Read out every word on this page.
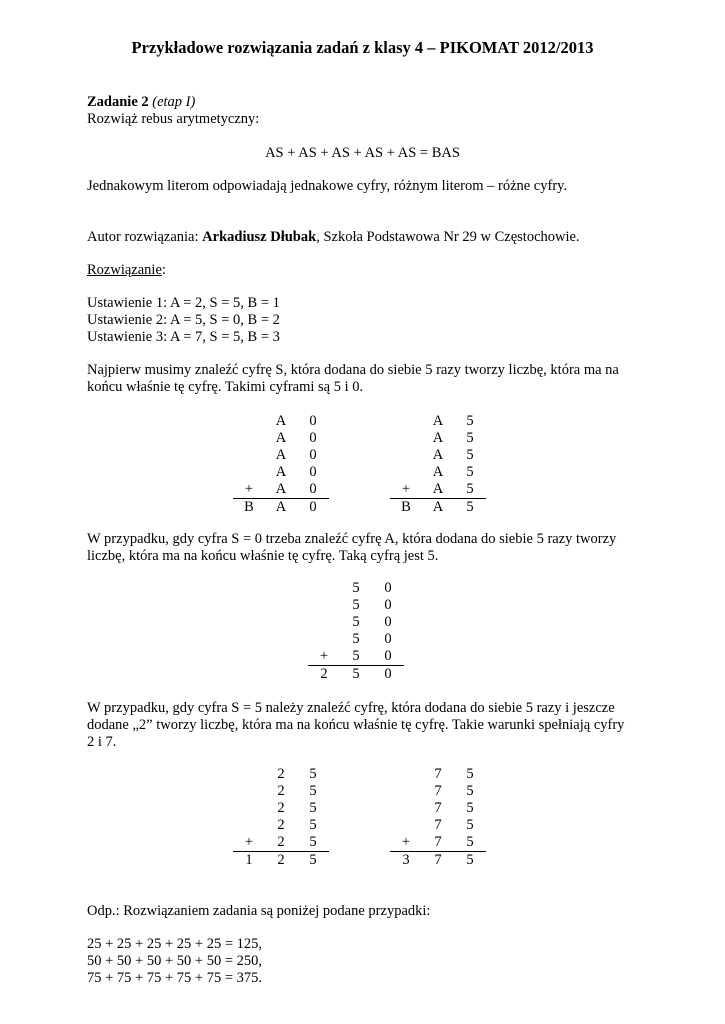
Przykładowe rozwiązania zadań z klasy 4 – PIKOMAT 2012/2013
Zadanie 2 (etap I)
Rozwiąż rebus arytmetyczny:
AS + AS + AS + AS + AS = BAS
Jednakowym literom odpowiadają jednakowe cyfry, różnym literom – różne cyfry.
Autor rozwiązania: Arkadiusz Dłubak, Szkoła Podstawowa Nr 29 w Częstochowie.
Rozwiązanie:
Ustawienie 1: A = 2, S = 5, B = 1
Ustawienie 2: A = 5, S = 0, B = 2
Ustawienie 3: A = 7, S = 5, B = 3
Najpierw musimy znaleźć cyfrę S, która dodana do siebie 5 razy tworzy liczbę, która ma na
końcu właśnie tę cyfrę. Takimi cyframi są 5 i 0.
	A	0
	A	0
	A	0
	A	0
+	A	0
B	A	0
	A	5
	A	5
	A	5
	A	5
+	A	5
B	A	5
W przypadku, gdy cyfra S = 0 trzeba znaleźć cyfrę A, która dodana do siebie 5 razy tworzy
liczbę, która ma na końcu właśnie tę cyfrę. Taką cyfrą jest 5.
	5	0
	5	0
	5	0
	5	0
+	5	0
2	5	0
W przypadku, gdy cyfra S = 5 należy znaleźć cyfrę, która dodana do siebie 5 razy i jeszcze
dodane „2” tworzy liczbę, która ma na końcu właśnie tę cyfrę. Takie warunki spełniają cyfry
2 i 7.
	2	5
	2	5
	2	5
	2	5
+	2	5
1	2	5
	7	5
	7	5
	7	5
	7	5
+	7	5
3	7	5
Odp.: Rozwiązaniem zadania są poniżej podane przypadki:
25 + 25 + 25 + 25 + 25 = 125,
50 + 50 + 50 + 50 + 50 = 250,
75 + 75 + 75 + 75 + 75 = 375.
